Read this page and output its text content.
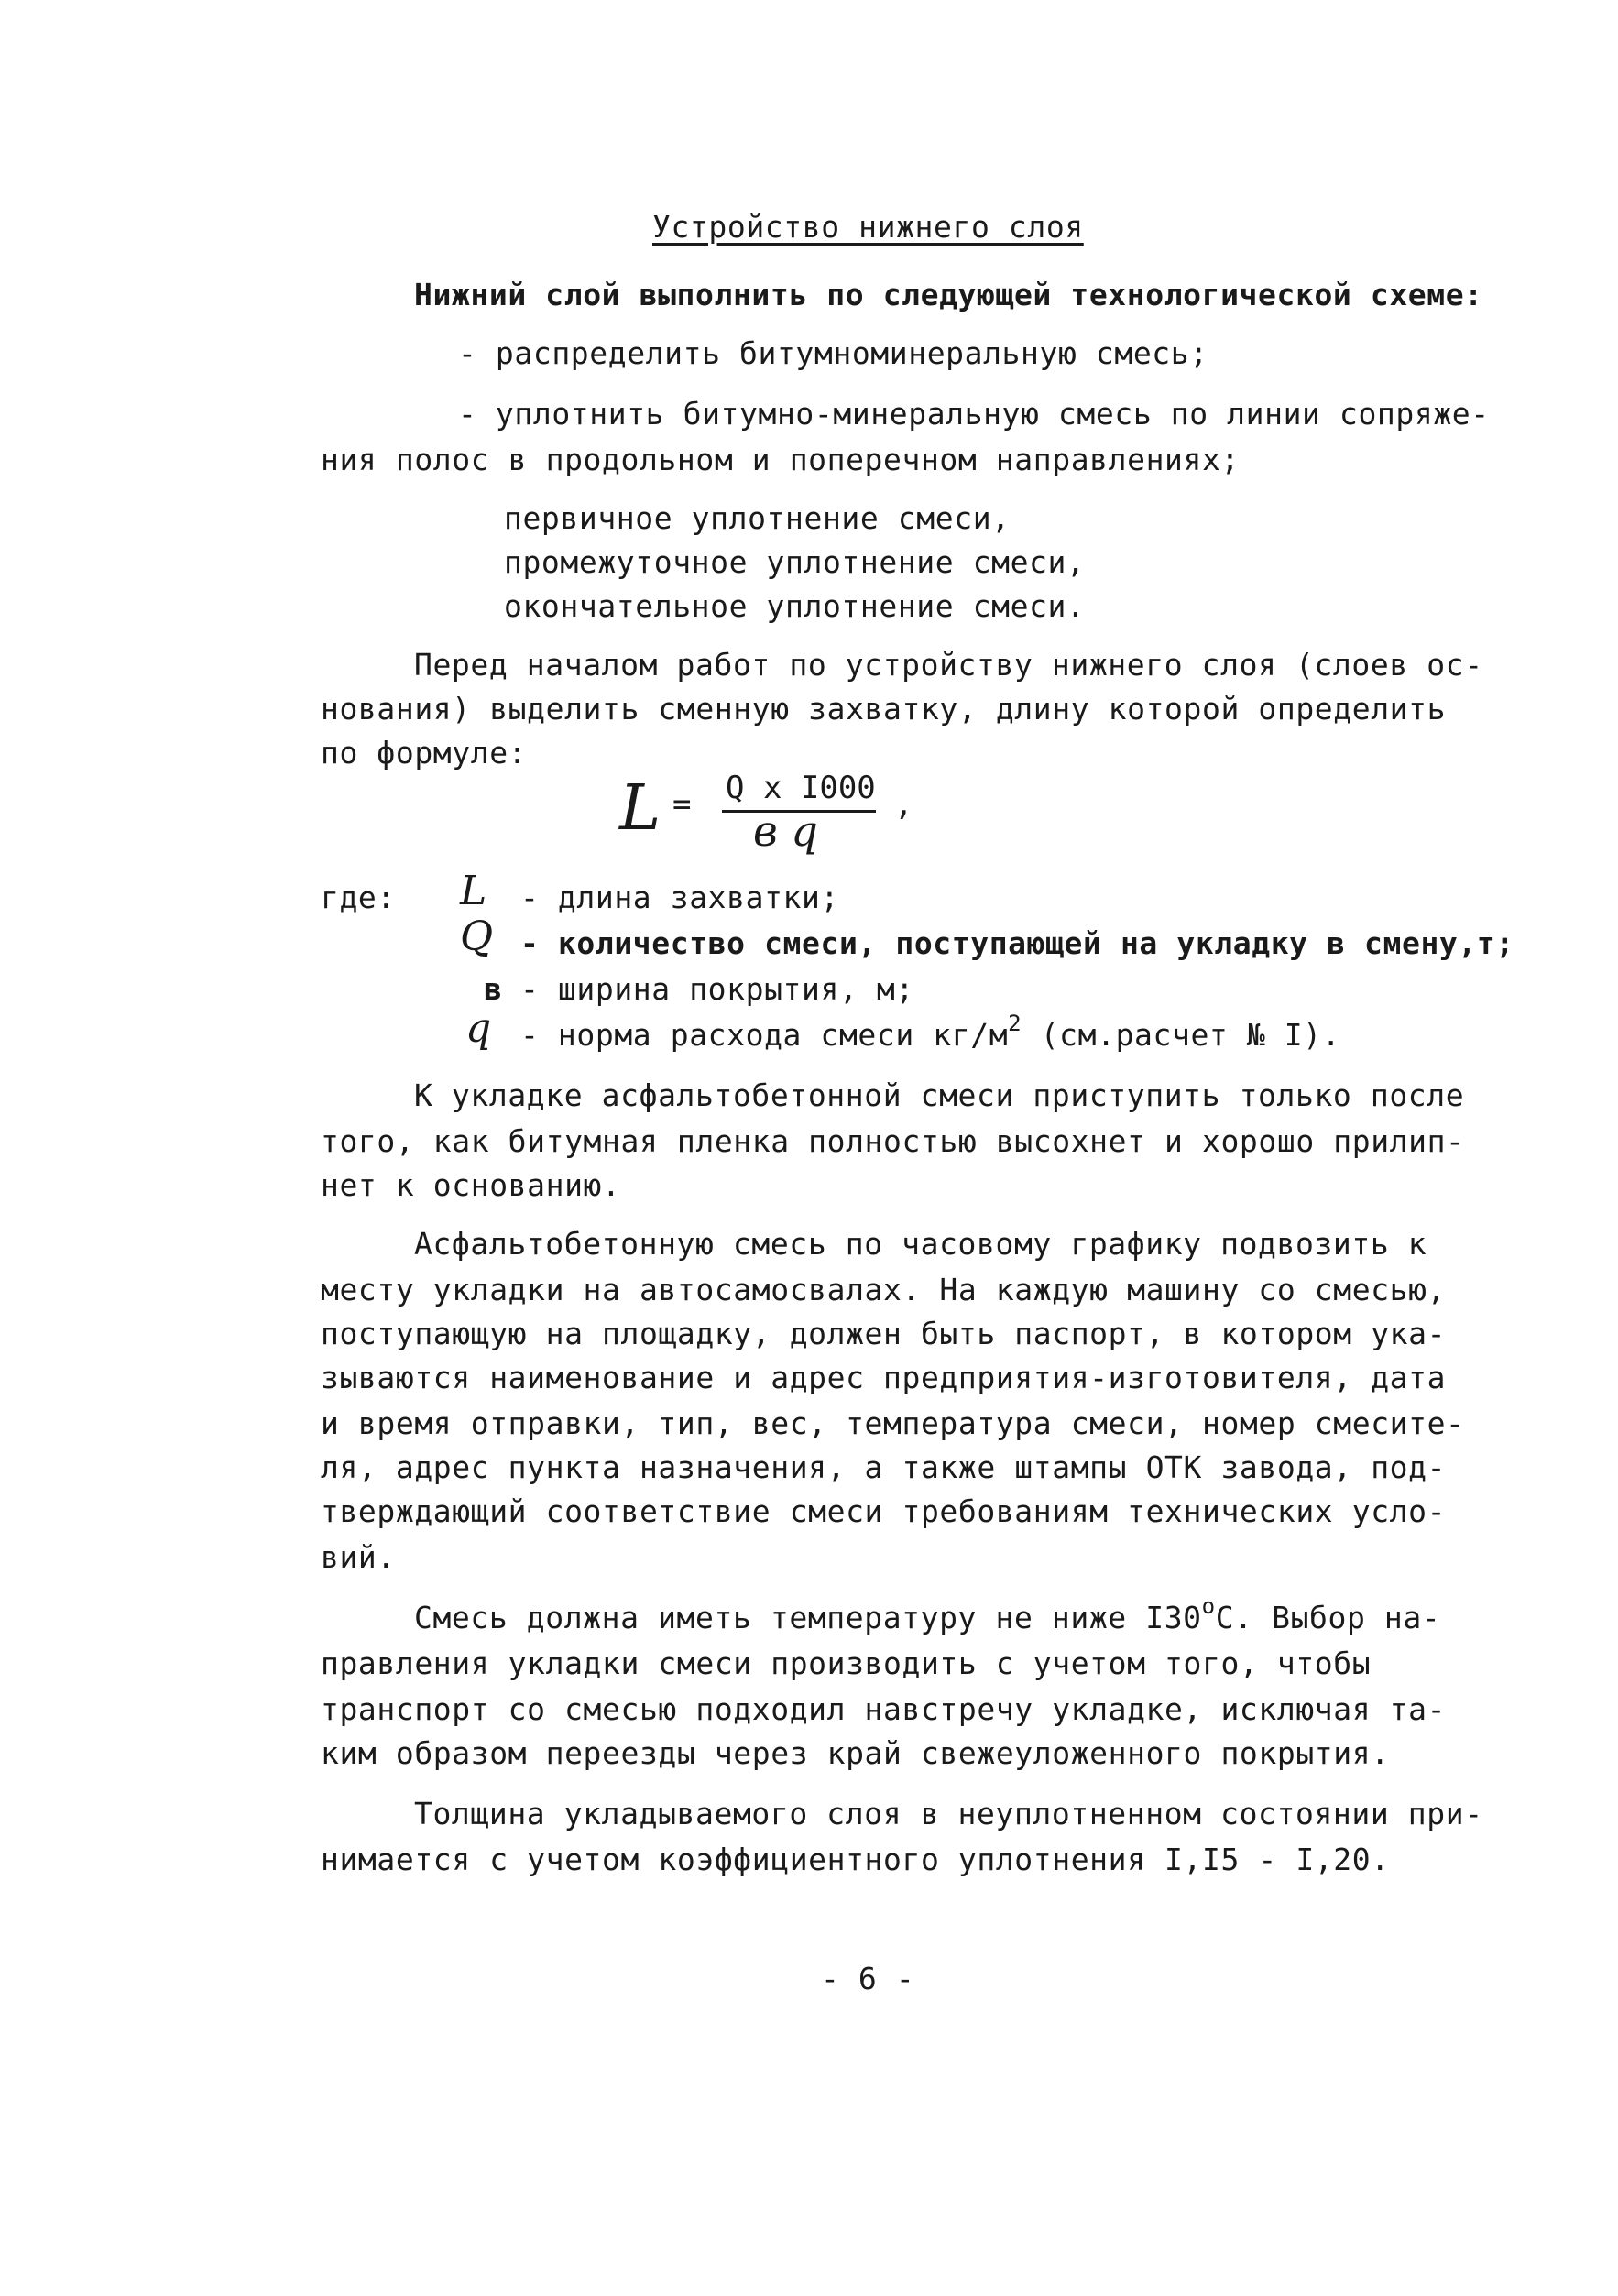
Устройство нижнего слоя
Нижний слой выполнить по следующей технологической схеме:
- распределить битумноминеральную смесь;
- уплотнить битумно-минеральную смесь по линии сопряже-
ния полос в продольном и поперечном направлениях;
первичное уплотнение смеси,
промежуточное уплотнение смеси,
окончательное уплотнение смеси.
Перед началом работ по устройству нижнего слоя (слоев ос-
нования) выделить сменную захватку, длину которой определить
по формуле:
L = Q x I000
в q
,
где: L - длина захватки;
Q - количество смеси, поступающей на укладку в смену,т;
в - ширина покрытия, м;
q - норма расхода смеси $кг/м^2$ (см.расчет № I).
К укладке асфальтобетонной смеси приступить только после
того, как битумная пленка полностью высохнет и хорошо прилип-
нет к основанию.
Асфальтобетонную смесь по часовому графику подвозить к
месту укладки на автосамосвалах. На каждую машину со смесью,
поступающую на площадку, должен быть паспорт, в котором ука-
зываются наименование и адрес предприятия-изготовителя, дата
и время отправки, тип, вес, температура смеси, номер смесите-
ля, адрес пункта назначения, а также штампы ОТК завода, под-
тверждающий соответствие смеси требованиям технических усло-
вий.
Смесь должна иметь температуру не ниже $I30^оС$. Выбор на-
правления укладки смеси производить с учетом того, чтобы
транспорт со смесью подходил навстречу укладке, исключая та-
ким образом переезды через край свежеуложенного покрытия.
Толщина укладываемого слоя в неуплотненном состоянии при-
нимается с учетом коэффициентного уплотнения I,I5 - I,20.
- 6 -
